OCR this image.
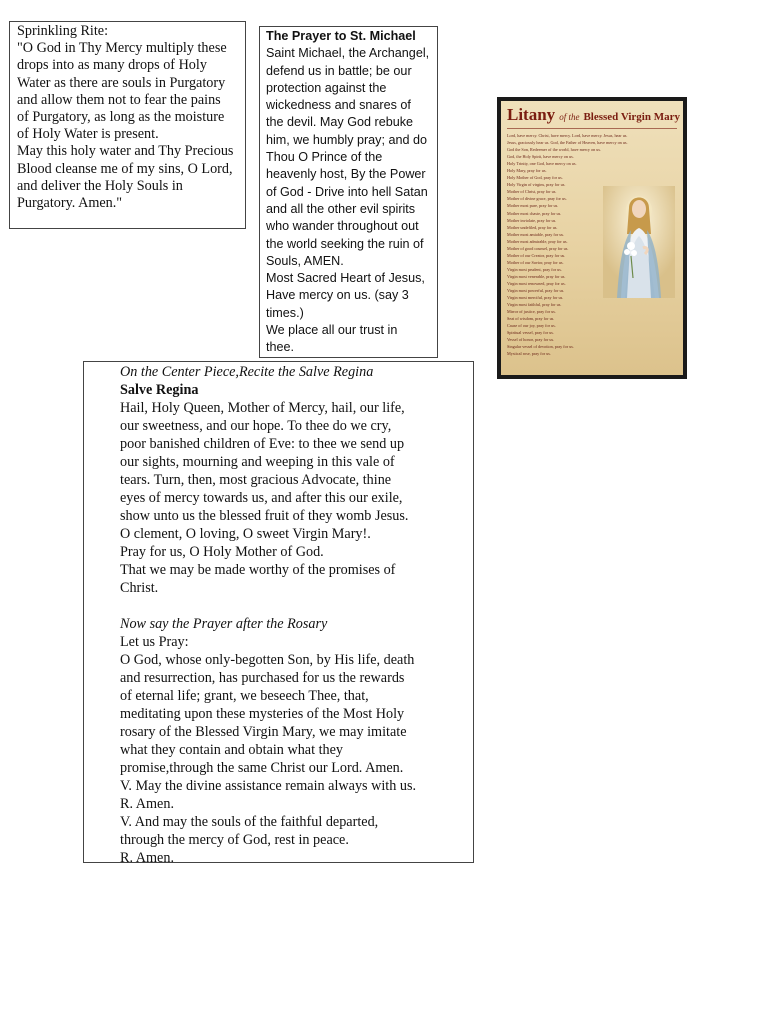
Sprinkling Rite:
"O God in Thy Mercy multiply these
drops into as many drops of Holy
Water as there are souls in Purgatory
and allow them not to fear the pains
of Purgatory, as long as the moisture
of Holy Water is present.
May this holy water and Thy Precious
Blood cleanse me of my sins, O Lord,
and deliver the Holy Souls in
Purgatory. Amen."
The Prayer to St. Michael
Saint Michael, the Archangel,
defend us in battle; be our
protection against the
wickedness and snares of
the devil. May God rebuke
him, we humbly pray; and do
Thou O Prince of the
heavenly host, By the Power
of God - Drive into hell Satan
and all the other evil spirits
who wander throughout out
the world seeking the ruin of
Souls, AMEN.
Most Sacred Heart of Jesus,
Have mercy on us. (say 3
times.)
We place all our trust in
thee.
Litany of the Blessed Virgin Mary
Lord, have mercy. Christ, have mercy. Lord, have mercy. Jesus, hear us.
Jesus, graciously hear us. God, the Father of Heaven, have mercy on us.
God the Son, Redeemer of the world, have mercy on us.
God, the Holy Spirit, have mercy on us.
Holy Trinity, one God, have mercy on us.
Holy Mary, pray for us.
Holy Mother of God, pray for us.
Holy Virgin of virgins, pray for us.
Mother of Christ, pray for us.
Mother of divine grace, pray for us.
Mother most pure, pray for us.
Mother most chaste, pray for us.
Mother inviolate, pray for us.
Mother undefiled, pray for us.
Mother most amiable, pray for us.
Mother most admirable, pray for us.
Mother of good counsel, pray for us.
Mother of our Creator, pray for us.
Mother of our Savior, pray for us.
Virgin most prudent, pray for us.
Virgin most venerable, pray for us.
Virgin most renowned, pray for us.
Virgin most powerful, pray for us.
Virgin most merciful, pray for us.
Virgin most faithful, pray for us.
Mirror of justice, pray for us.
Seat of wisdom, pray for us.
Cause of our joy, pray for us.
Spiritual vessel, pray for us.
Vessel of honor, pray for us.
Singular vessel of devotion, pray for us.
Mystical rose, pray for us.
On the Center Piece,Recite the Salve Regina
Salve Regina
Hail, Holy Queen, Mother of Mercy, hail, our life,
our sweetness, and our hope. To thee do we cry,
poor banished children of Eve: to thee we send up
our sights, mourning and weeping in this vale of
tears. Turn, then, most gracious Advocate, thine
eyes of mercy towards us, and after this our exile,
show unto us the blessed fruit of they womb Jesus.
O clement, O loving, O sweet Virgin Mary!.
Pray for us, O Holy Mother of God.
That we may be made worthy of the promises of
Christ.
Now say the Prayer after the Rosary
Let us Pray:
O God, whose only-begotten Son, by His life, death
and resurrection, has purchased for us the rewards
of eternal life; grant, we beseech Thee, that,
meditating upon these mysteries of the Most Holy
rosary of the Blessed Virgin Mary, we may imitate
what they contain and obtain what they
promise,through the same Christ our Lord. Amen.
V. May the divine assistance remain always with us.
R. Amen.
V. And may the souls of the faithful departed,
through the mercy of God, rest in peace.
R. Amen.
